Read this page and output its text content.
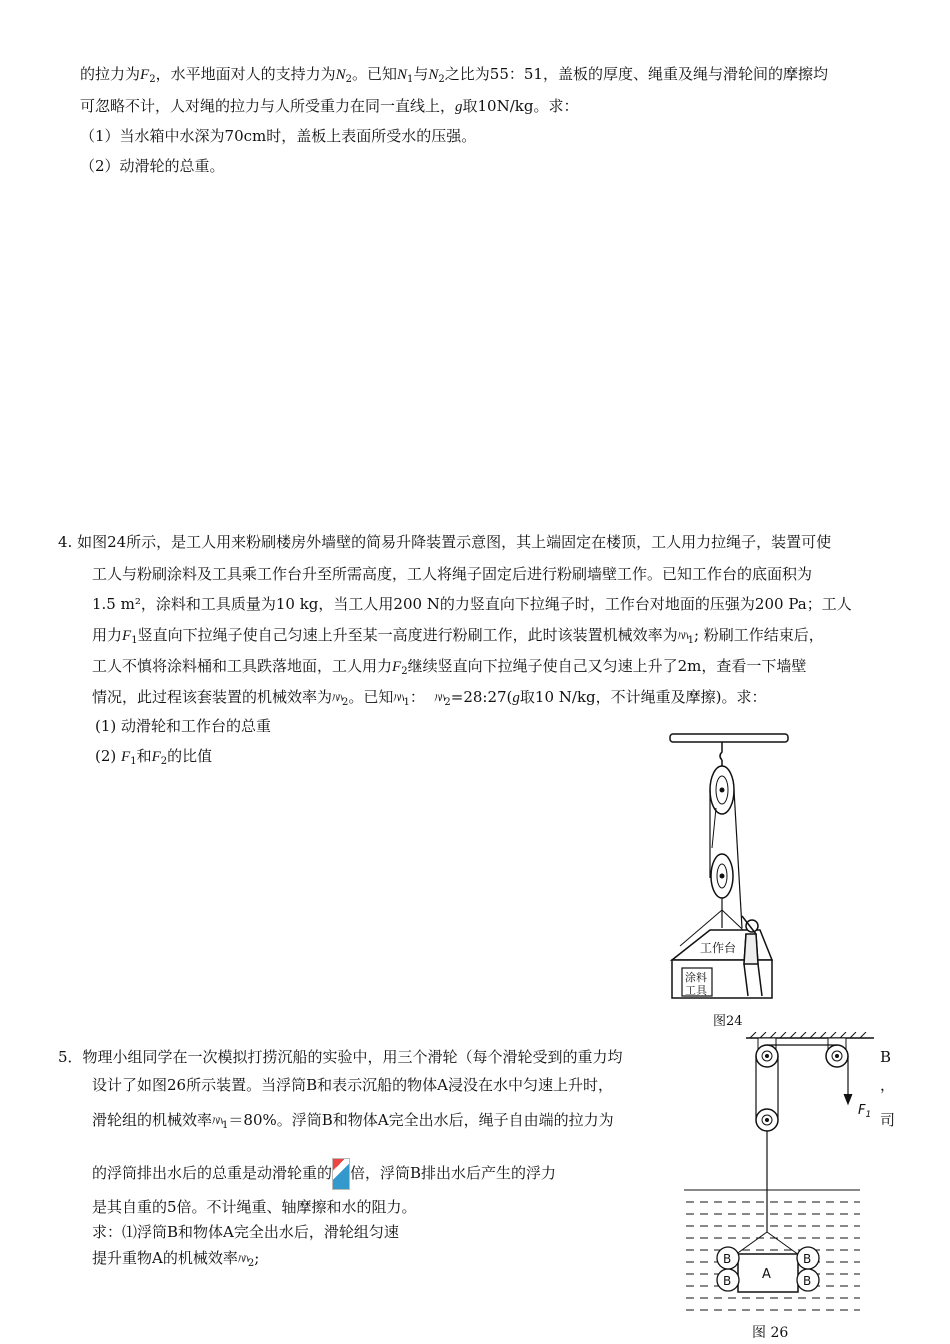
的拉力为$F_2$，水平地面对人的支持力为$N_2$。已知$N_1$与$N_2$之比为55：51，盖板的厚度、绳重及绳与滑轮间的摩擦均
可忽略不计，人对绳的拉力与人所受重力在同一直线上，g取10N/kg。求：
（1）当水箱中水深为70cm时，盖板上表面所受水的压强。
（2）动滑轮的总重。
4. 如图24所示，是工人用来粉刷楼房外墙壁的简易升降装置示意图，其上端固定在楼顶，工人用力拉绳子，装置可使
工人与粉刷涂料及工具乘工作台升至所需高度，工人将绳子固定后进行粉刷墙壁工作。已知工作台的底面积为
1.5 m²，涂料和工具质量为10 kg，当工人用200 N的力竖直向下拉绳子时，工作台对地面的压强为200 Pa；工人
用力$F_1$竖直向下拉绳子使自己匀速上升至某一高度进行粉刷工作，此时该装置机械效率为ﾊﾊ$_1$; 粉刷工作结束后，
工人不慎将涂料桶和工具跌落地面，工人用力$F_2$继续竖直向下拉绳子使自己又匀速上升了2m，查看一下墙壁
情况，此过程该套装置的机械效率为ﾊﾊ$_2$。已知ﾊﾊ$_1$： ﾊﾊ$_2$=28:27(g取10 N/kg，不计绳重及摩擦)。求：
(1) 动滑轮和工作台的总重
(2) $F_1$和$F_2$的比值
工作台
涂料
工具
图24
5．物理小组同学在一次模拟打捞沉船的实验中，用三个滑轮（每个滑轮受到的重力均
设计了如图26所示装置。当浮筒B和表示沉船的物体A浸没在水中匀速上升时，
滑轮组的机械效率ﾊﾊ$_1$＝80%。浮筒B和物体A完全出水后，绳子自由端的拉力为
的浮筒排出水后的总重是动滑轮重的 倍，浮筒B排出水后产生的浮力
是其自重的5倍。不计绳重、轴摩擦和水的阻力。
求：⑴浮筒B和物体A完全出水后，滑轮组匀速
提升重物A的机械效率ﾊﾊ$_2$;
B
，
司
$F_1$
A
B
B
B
B
图 26
